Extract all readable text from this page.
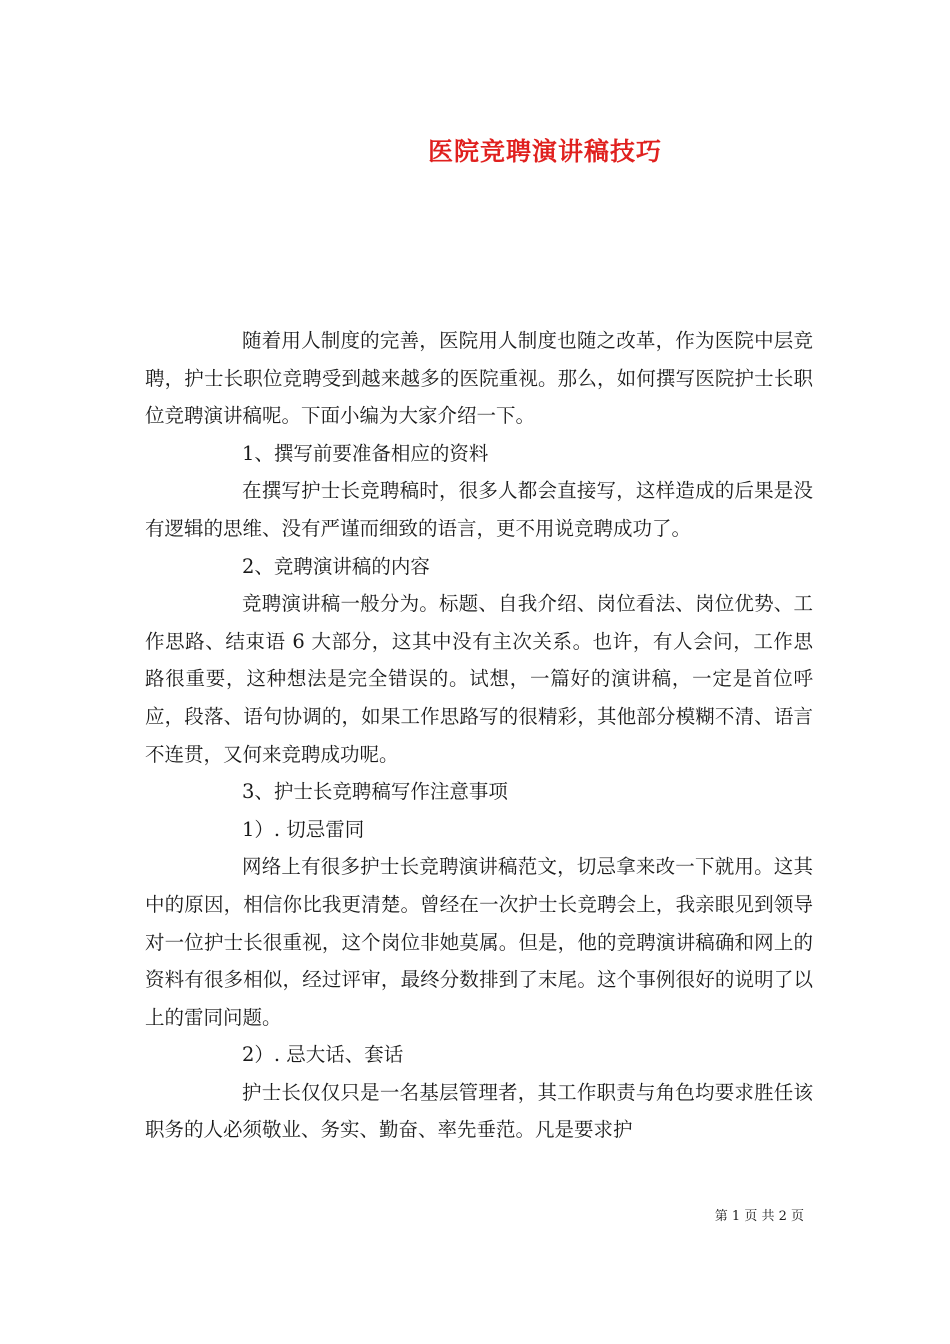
医院竞聘演讲稿技巧

随着用人制度的完善，医院用人制度也随之改革，作为医院中层竞聘，护士长职位竞聘受到越来越多的医院重视。那么，如何撰写医院护士长职位竞聘演讲稿呢。下面小编为大家介绍一下。

1、撰写前要准备相应的资料

在撰写护士长竞聘稿时，很多人都会直接写，这样造成的后果是没有逻辑的思维、没有严谨而细致的语言，更不用说竞聘成功了。

2、竞聘演讲稿的内容

竞聘演讲稿一般分为。标题、自我介绍、岗位看法、岗位优势、工作思路、结束语 6 大部分，这其中没有主次关系。也许，有人会问，工作思路很重要，这种想法是完全错误的。试想，一篇好的演讲稿，一定是首位呼应，段落、语句协调的，如果工作思路写的很精彩，其他部分模糊不清、语言不连贯，又何来竞聘成功呢。

3、护士长竞聘稿写作注意事项

1）. 切忌雷同

网络上有很多护士长竞聘演讲稿范文，切忌拿来改一下就用。这其中的原因，相信你比我更清楚。曾经在一次护士长竞聘会上，我亲眼见到领导对一位护士长很重视，这个岗位非她莫属。但是，他的竞聘演讲稿确和网上的资料有很多相似，经过评审，最终分数排到了末尾。这个事例很好的说明了以上的雷同问题。

2）. 忌大话、套话

护士长仅仅只是一名基层管理者，其工作职责与角色均要求胜任该职务的人必须敬业、务实、勤奋、率先垂范。凡是要求护

第 1 页 共 2 页
